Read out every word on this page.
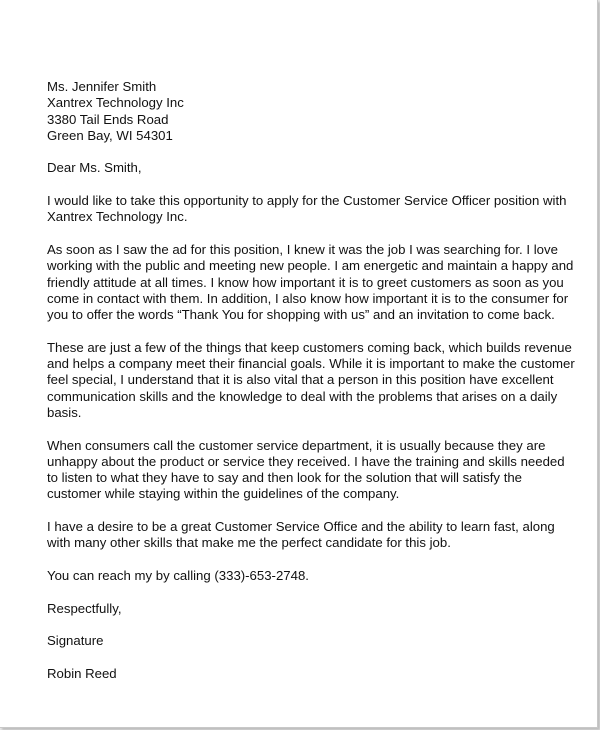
Ms. Jennifer Smith
Xantrex Technology Inc
3380 Tail Ends Road
Green Bay, WI 54301
Dear Ms. Smith,
I would like to take this opportunity to apply for the Customer Service Officer position with
Xantrex Technology Inc.
As soon as I saw the ad for this position, I knew it was the job I was searching for. I love
working with the public and meeting new people. I am energetic and maintain a happy and
friendly attitude at all times. I know how important it is to greet customers as soon as you
come in contact with them. In addition, I also know how important it is to the consumer for
you to offer the words “Thank You for shopping with us” and an invitation to come back.
These are just a few of the things that keep customers coming back, which builds revenue
and helps a company meet their financial goals. While it is important to make the customer
feel special, I understand that it is also vital that a person in this position have excellent
communication skills and the knowledge to deal with the problems that arises on a daily
basis.
When consumers call the customer service department, it is usually because they are
unhappy about the product or service they received. I have the training and skills needed
to listen to what they have to say and then look for the solution that will satisfy the
customer while staying within the guidelines of the company.
I have a desire to be a great Customer Service Office and the ability to learn fast, along
with many other skills that make me the perfect candidate for this job.
You can reach my by calling (333)-653-2748.
Respectfully,
Signature
Robin Reed
